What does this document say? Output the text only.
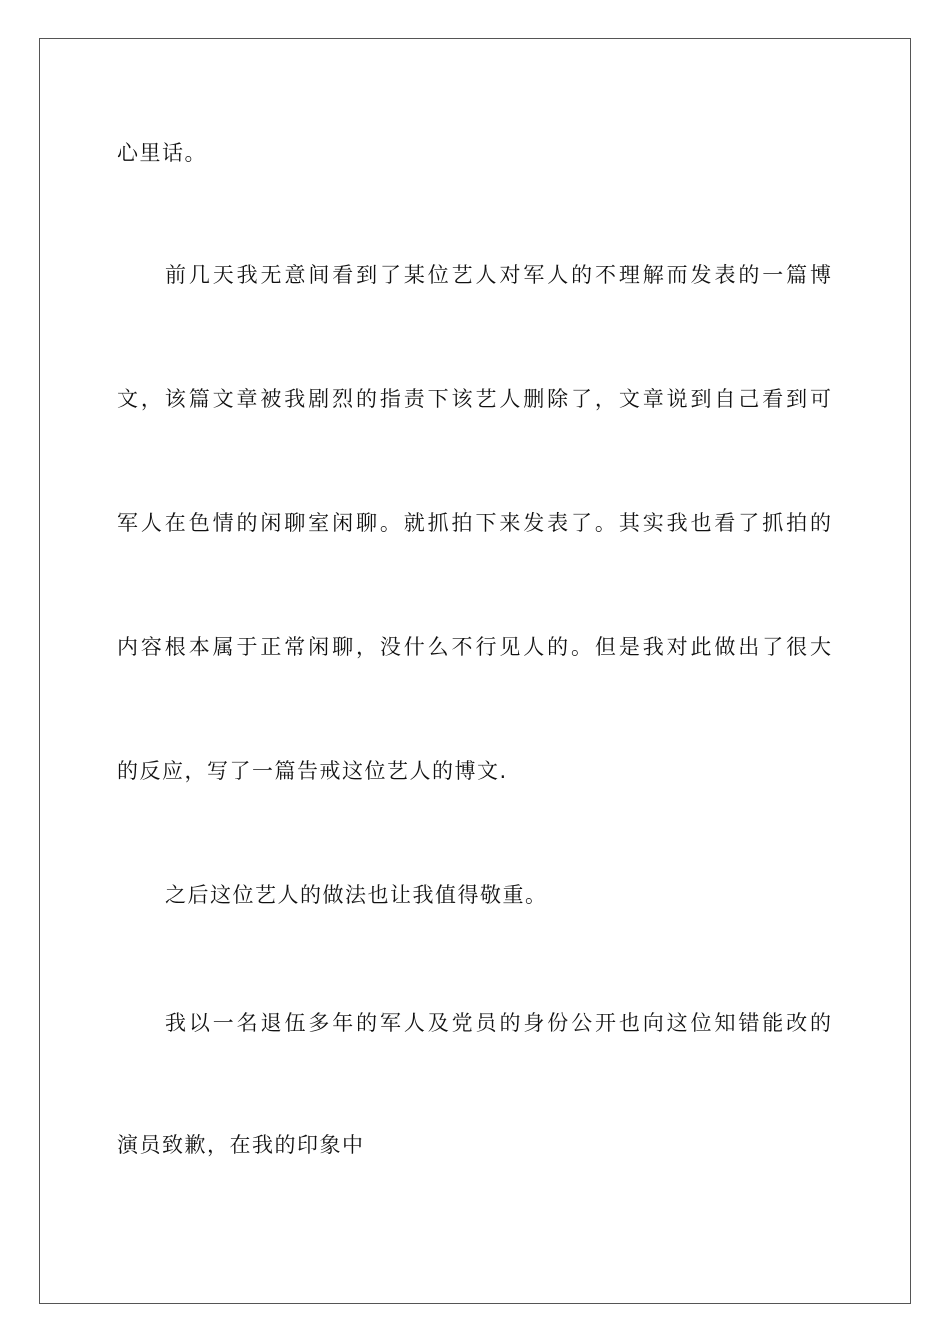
心里话。

前几天我无意间看到了某位艺人对军人的不理解而发表的一篇博

文，该篇文章被我剧烈的指责下该艺人删除了，文章说到自己看到可

军人在色情的闲聊室闲聊。就抓拍下来发表了。其实我也看了抓拍的

内容根本属于正常闲聊，没什么不行见人的。但是我对此做出了很大

的反应，写了一篇告戒这位艺人的博文.

之后这位艺人的做法也让我值得敬重。

我以一名退伍多年的军人及党员的身份公开也向这位知错能改的

演员致歉，在我的印象中
